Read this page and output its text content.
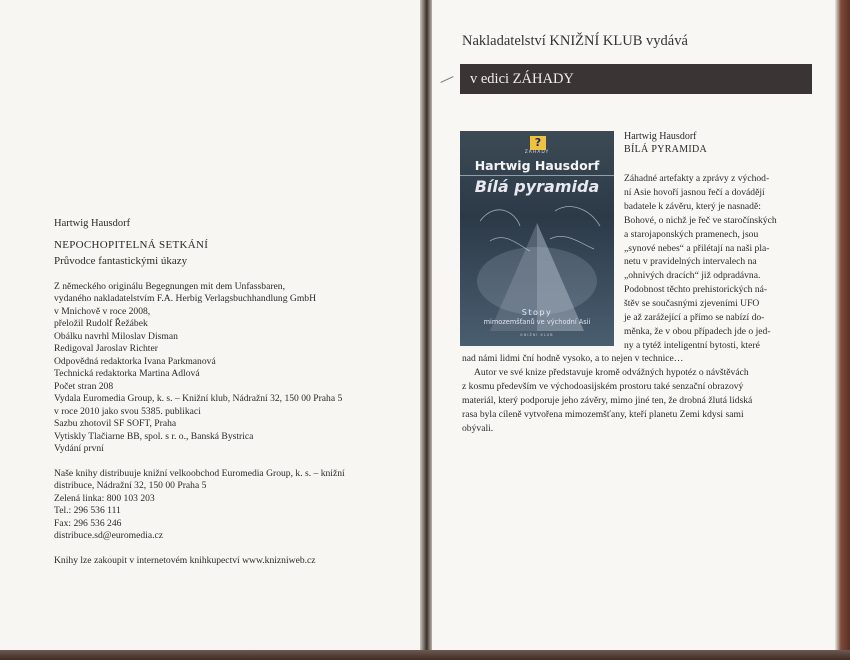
Hartwig Hausdorf
NEPOCHOPITELNÁ SETKÁNÍ
Průvodce fantastickými úkazy
Z německého originálu Begegnungen mit dem Unfassbaren,
vydaného nakladatelstvím F.A. Herbig Verlagsbuchhandlung GmbH
v Mnichově v roce 2008,
přeložil Rudolf Řežábek
Obálku navrhl Miloslav Disman
Redigoval Jaroslav Richter
Odpovědná redaktorka Ivana Parkmanová
Technická redaktorka Martina Adlová
Počet stran 208
Vydala Euromedia Group, k. s. – Knižní klub, Nádražní 32, 150 00 Praha 5
v roce 2010 jako svou 5385. publikaci
Sazbu zhotovil SF SOFT, Praha
Vytiskly Tlačiarne BB, spol. s r. o., Banská Bystrica
Vydání první
Naše knihy distribuuje knižní velkoobchod Euromedia Group, k. s. – knižní
distribuce, Nádražní 32, 150 00 Praha 5
Zelená linka: 800 103 203
Tel.: 296 536 111
Fax: 296 536 246
distribuce.sd@euromedia.cz
Knihy lze zakoupit v internetovém knihkupectví www.knizniweb.cz
Nakladatelství KNIŽNÍ KLUB vydává
v edici ZÁHADY
?
ZÁHADY
Hartwig Hausdorf
Bílá pyramida
Stopy
mimozemšťanů ve východní Asii
KNIŽNÍ KLUB
Hartwig Hausdorf
BÍLÁ PYRAMIDA
Záhadné artefakty a zprávy z východ-
ní Asie hovoří jasnou řečí a dovádějí
badatele k závěru, který je nasnadě:
Bohové, o nichž je řeč ve staročínských
a starojaponských pramenech, jsou
„synové nebes“ a přilétají na naši pla-
netu v pravidelných intervalech na
„ohnivých dracích“ již odpradávna.
Podobnost těchto prehistorických ná-
štěv se současnými zjeveními UFO
je až zarážející a přímo se nabízí do-
měnka, že v obou případech jde o jed-
ny a tytéž inteligentní bytosti, které
nad námi lidmi ční hodně vysoko, a to nejen v technice…
Autor ve své knize představuje kromě odvážných hypotéz o návštěvách
z kosmu především ve východoasijském prostoru také senzační obrazový
materiál, který podporuje jeho závěry, mimo jiné ten, že drobná žlutá lidská
rasa byla cíleně vytvořena mimozemšťany, kteří planetu Zemi kdysi sami
obývali.
